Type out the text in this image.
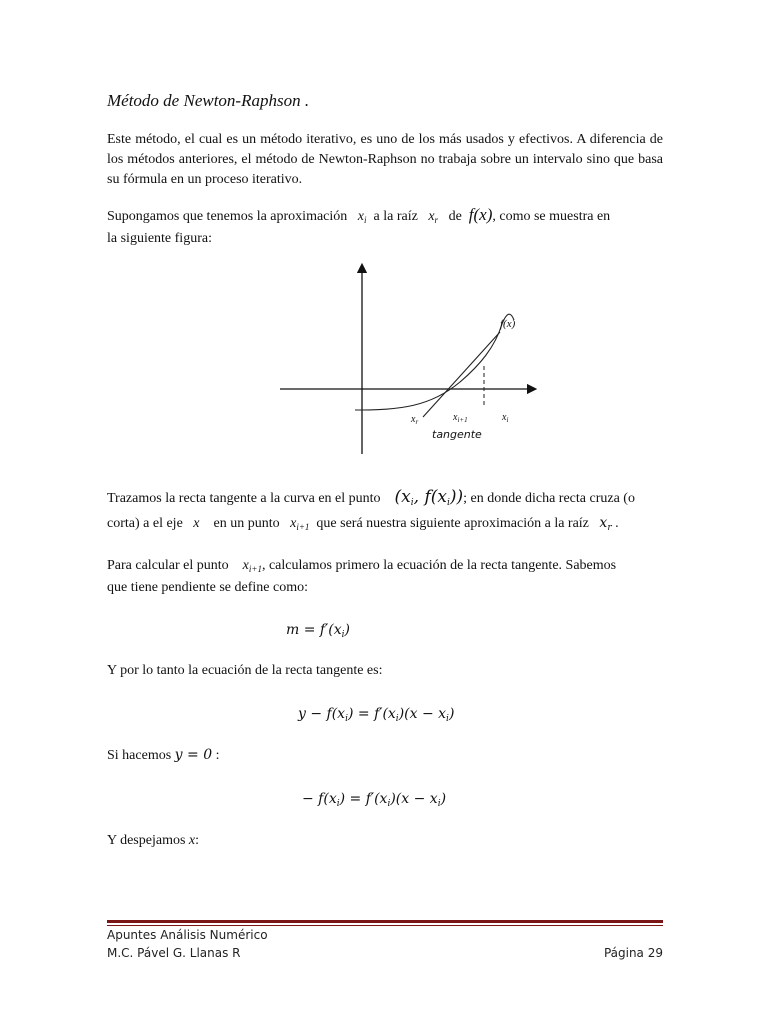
Método de Newton-Raphson .
Este método, el cual es un método iterativo, es uno de los más usados y efectivos. A diferencia de los métodos anteriores, el método de Newton-Raphson no trabaja sobre un intervalo sino que basa su fórmula en un proceso iterativo.
Supongamos que tenemos la aproximación $x_i$ a la raíz $x_r$ de f(x), como se muestra en
la siguiente figura:
f(x)
$x_r$	$x_{i+1}$	$x_i$
tangente
Trazamos la recta tangente a la curva en el punto ($x_i$, $f(x_i)$); en donde dicha recta cruza (o
corta) a el eje x en un punto $x_{i+1}$ que será nuestra siguiente aproximación a la raíz $x_r$ .
Para calcular el punto $x_{i+1}$, calculamos primero la ecuación de la recta tangente. Sabemos
que tiene pendiente se define como:
$m = f'(x_i)$
Y por lo tanto la ecuación de la recta tangente es:
$y - f(x_i) = f'(x_i)(x - x_i)$
Si hacemos y = 0 :
− $f(x_i) = f'(x_i)(x - x_i)$
Y despejamos x:
Apuntes Análisis Numérico
M.C. Pável G. Llanas R	Página 29
